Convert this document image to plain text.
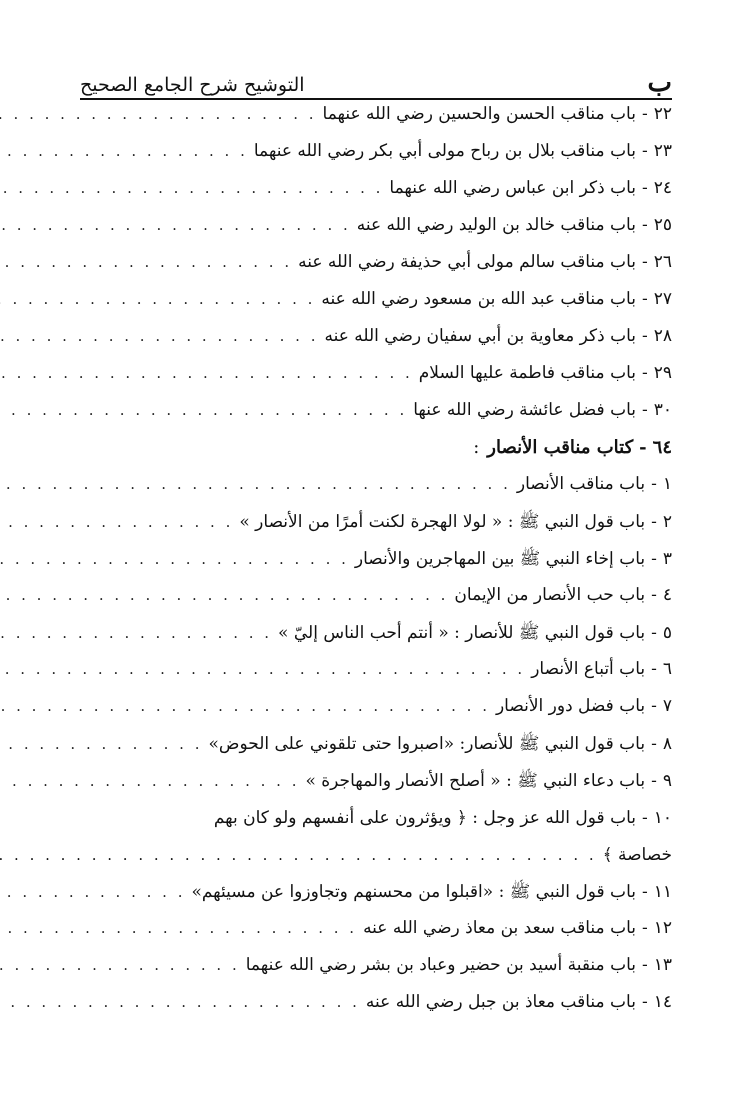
ب
التوشيح شرح الجامع الصحيح
٢٢
-
باب مناقب الحسن والحسين رضي الله عنهما
. . .
٢٣
-
باب مناقب بلال بن رباح مولى أبي بكر رضي الله عنهما
. . .
٢٤
-
باب ذكر ابن عباس رضي الله عنهما
. . .
٢٥
-
باب مناقب خالد بن الوليد رضي الله عنه
. . .
٢٦
-
باب مناقب سالم مولى أبي حذيفة رضي الله عنه
. . .
٢٧
-
باب مناقب عبد الله بن مسعود رضي الله عنه
. . .
٢٨
-
باب ذكر معاوية بن أبي سفيان رضي الله عنه
. . .
٢٩
-
باب مناقب فاطمة عليها السلام
. . .
٣٠
-
باب فضل عائشة رضي الله عنها
. . .
٦٤
-
كتاب مناقب الأنصار
:
١
-
باب مناقب الأنصار
. . .
٢
-
باب قول النبي ﷺ : « لولا الهجرة لكنت أمرًا من الأنصار »
. . .
٣
-
باب إخاء النبي ﷺ بين المهاجرين والأنصار
. . .
٤
-
باب حب الأنصار من الإيمان
. . .
٥
-
باب قول النبي ﷺ للأنصار : « أنتم أحب الناس إليّ »
. . .
٦
-
باب أتباع الأنصار
. . .
٧
-
باب فضل دور الأنصار
. . .
٨
-
باب قول النبي ﷺ للأنصار: «اصبروا حتى تلقوني على الحوض»
. . .
٩
-
باب دعاء النبي ﷺ : « أصلح الأنصار والمهاجرة »
. . .
١٠
-
باب قول الله عز وجل : ﴿ ويؤثرون على أنفسهم ولو كان بهم
خصاصة ﴾
. . .
١١
-
باب قول النبي ﷺ : «اقبلوا من محسنهم وتجاوزوا عن مسيئهم»
. . .
١٢
-
باب مناقب سعد بن معاذ رضي الله عنه
. . .
١٣
-
باب منقبة أسيد بن حضير وعباد بن بشر رضي الله عنهما
. . .
١٤
-
باب مناقب معاذ بن جبل رضي الله عنه
. . .
